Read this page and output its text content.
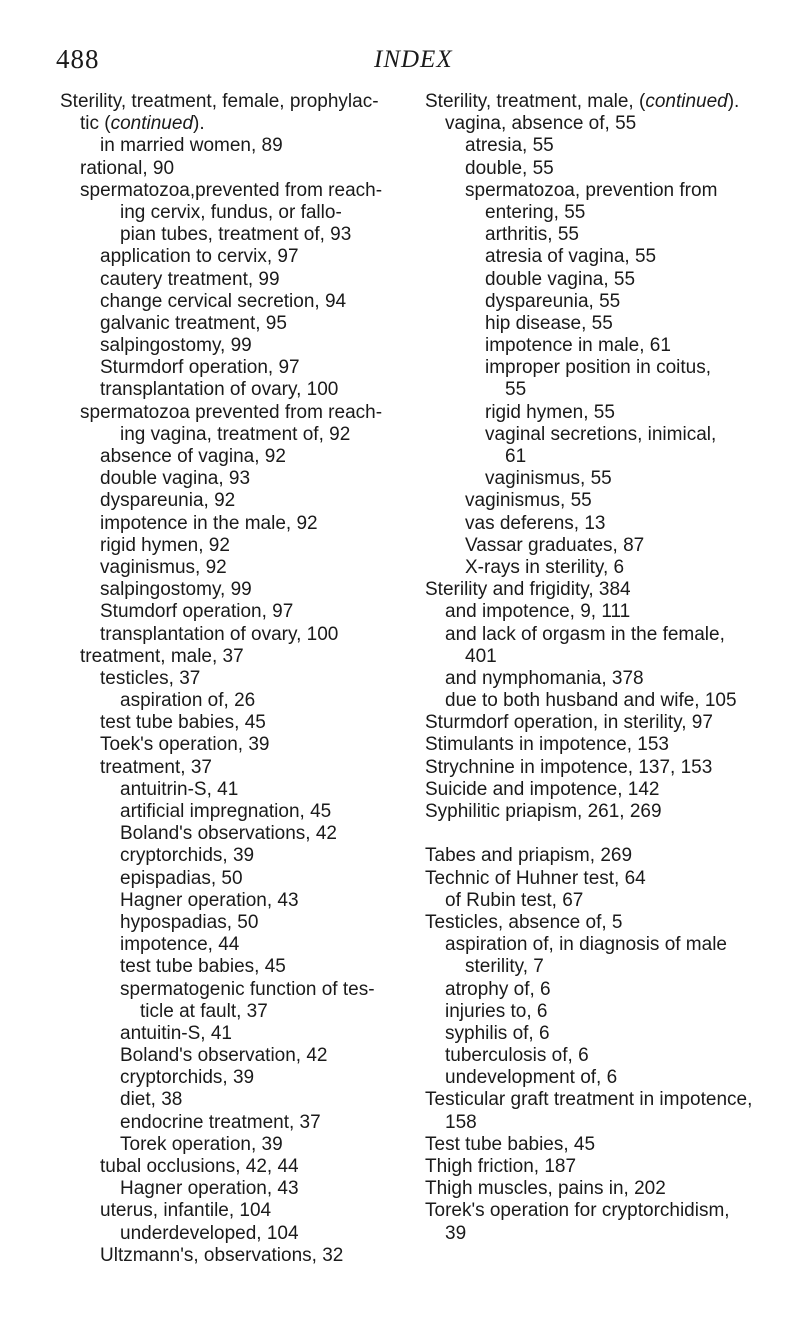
488	INDEX
Sterility, treatment, female, prophylac-
tic (continued).
in married women, 89
rational, 90
spermatozoa,prevented from reach-
ing cervix, fundus, or fallo-
pian tubes, treatment of, 93
application to cervix, 97
cautery treatment, 99
change cervical secretion, 94
galvanic treatment, 95
salpingostomy, 99
Sturmdorf operation, 97
transplantation of ovary, 100
spermatozoa prevented from reach-
ing vagina, treatment of, 92
absence of vagina, 92
double vagina, 93
dyspareunia, 92
impotence in the male, 92
rigid hymen, 92
vaginismus, 92
salpingostomy, 99
Stumdorf operation, 97
transplantation of ovary, 100
treatment, male, 37
testicles, 37
aspiration of, 26
test tube babies, 45
Toek's operation, 39
treatment, 37
antuitrin-S, 41
artificial impregnation, 45
Boland's observations, 42
cryptorchids, 39
epispadias, 50
Hagner operation, 43
hypospadias, 50
impotence, 44
test tube babies, 45
spermatogenic function of tes-
ticle at fault, 37
antuitin-S, 41
Boland's observation, 42
cryptorchids, 39
diet, 38
endocrine treatment, 37
Torek operation, 39
tubal occlusions, 42, 44
Hagner operation, 43
uterus, infantile, 104
underdeveloped, 104
Ultzmann's, observations, 32
Sterility, treatment, male, (continued).
vagina, absence of, 55
atresia, 55
double, 55
spermatozoa, prevention from
entering, 55
arthritis, 55
atresia of vagina, 55
double vagina, 55
dyspareunia, 55
hip disease, 55
impotence in male, 61
improper position in coitus,
55
rigid hymen, 55
vaginal secretions, inimical,
61
vaginismus, 55
vaginismus, 55
vas deferens, 13
Vassar graduates, 87
X-rays in sterility, 6
Sterility and frigidity, 384
and impotence, 9, 111
and lack of orgasm in the female,
401
and nymphomania, 378
due to both husband and wife, 105
Sturmdorf operation, in sterility, 97
Stimulants in impotence, 153
Strychnine in impotence, 137, 153
Suicide and impotence, 142
Syphilitic priapism, 261, 269
Tabes and priapism, 269
Technic of Huhner test, 64
of Rubin test, 67
Testicles, absence of, 5
aspiration of, in diagnosis of male
sterility, 7
atrophy of, 6
injuries to, 6
syphilis of, 6
tuberculosis of, 6
undevelopment of, 6
Testicular graft treatment in impotence,
158
Test tube babies, 45
Thigh friction, 187
Thigh muscles, pains in, 202
Torek's operation for cryptorchidism,
39
